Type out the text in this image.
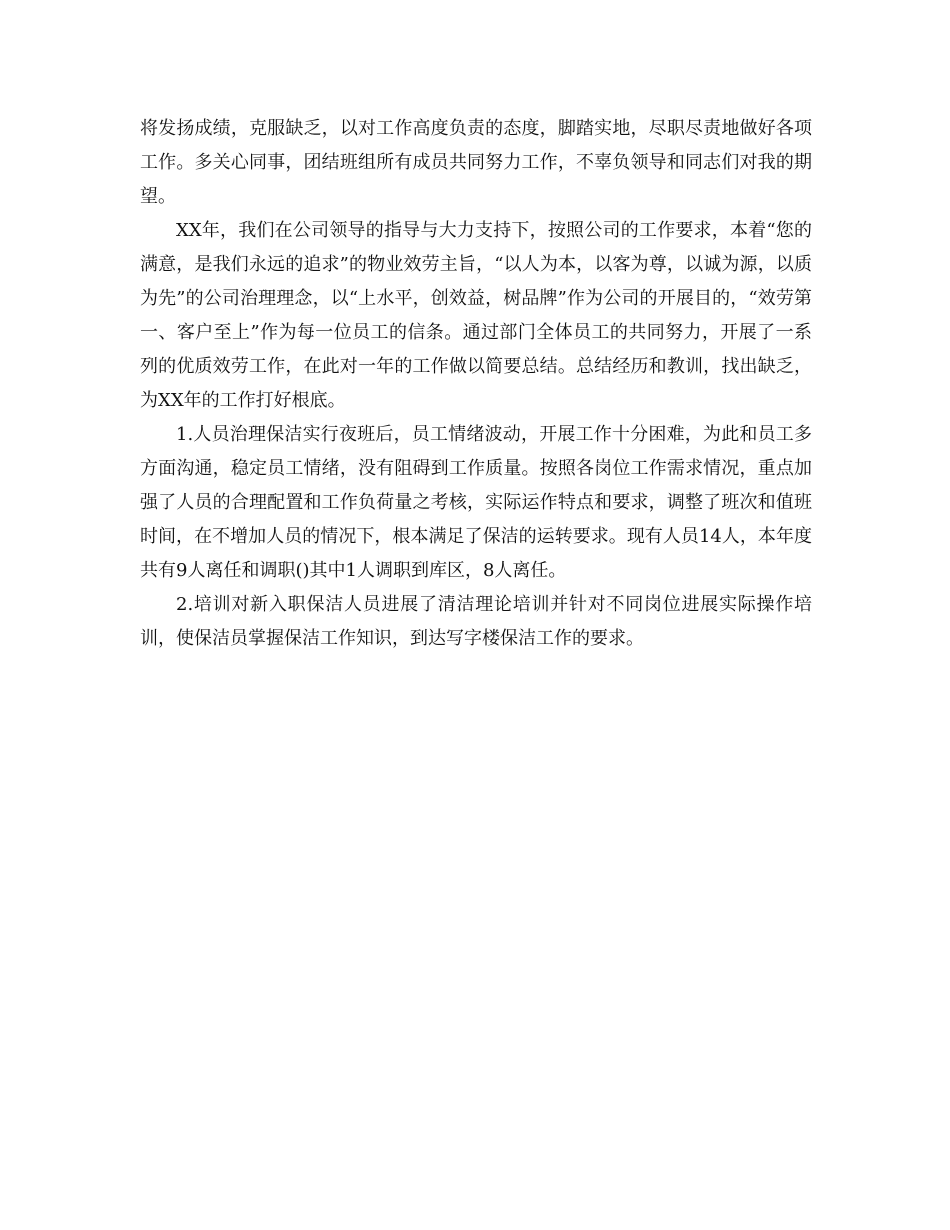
将发扬成绩，克服缺乏，以对工作高度负责的态度，脚踏实地，尽职尽责地做好各项工作。多关心同事，团结班组所有成员共同努力工作，不辜负领导和同志们对我的期望。

XX年，我们在公司领导的指导与大力支持下，按照公司的工作要求，本着“您的满意，是我们永远的追求”的物业效劳主旨，“以人为本，以客为尊，以诚为源，以质为先”的公司治理理念，以“上水平，创效益，树品牌”作为公司的开展目的，“效劳第一、客户至上”作为每一位员工的信条。通过部门全体员工的共同努力，开展了一系列的优质效劳工作，在此对一年的工作做以简要总结。总结经历和教训，找出缺乏，为XX年的工作打好根底。

1.人员治理保洁实行夜班后，员工情绪波动，开展工作十分困难，为此和员工多方面沟通，稳定员工情绪，没有阻碍到工作质量。按照各岗位工作需求情况，重点加强了人员的合理配置和工作负荷量之考核，实际运作特点和要求，调整了班次和值班时间，在不增加人员的情况下，根本满足了保洁的运转要求。现有人员14人，本年度共有9人离任和调职()其中1人调职到库区，8人离任。

2.培训对新入职保洁人员进展了清洁理论培训并针对不同岗位进展实际操作培训，使保洁员掌握保洁工作知识，到达写字楼保洁工作的要求。
